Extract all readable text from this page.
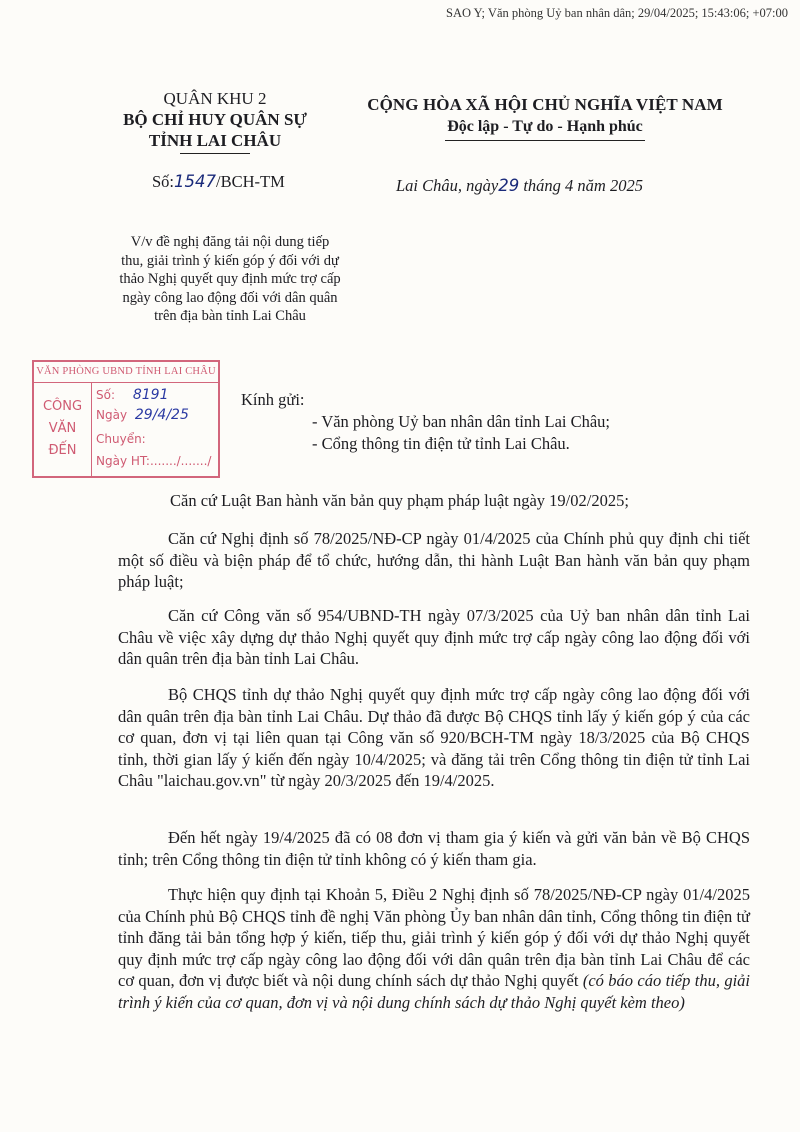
SAO Y; Văn phòng Uỷ ban nhân dân; 29/04/2025; 15:43:06; +07:00
QUÂN KHU 2
BỘ CHỈ HUY QUÂN SỰ
TỈNH LAI CHÂU
CỘNG HÒA XÃ HỘI CHỦ NGHĨA VIỆT NAM
Độc lập - Tự do - Hạnh phúc
Số:1547/BCH-TM	Lai Châu, ngày29 tháng 4 năm 2025
V/v đề nghị đăng tải nội dung tiếp thu, giải trình ý kiến góp ý đối với dự thảo Nghị quyết quy định mức trợ cấp ngày công lao động đối với dân quân trên địa bàn tỉnh Lai Châu
VĂN PHÒNG UBND TỈNH LAI CHÂU
CÔNG
VĂN
ĐẾN
Số: 8191
Ngày 29/4/25
Chuyển:
Ngày HT:......./......./
Kính gửi:
- Văn phòng Uỷ ban nhân dân tỉnh Lai Châu;
- Cổng thông tin điện tử tỉnh Lai Châu.
Căn cứ Luật Ban hành văn bản quy phạm pháp luật ngày 19/02/2025;
Căn cứ Nghị định số 78/2025/NĐ-CP ngày 01/4/2025 của Chính phủ quy định chi tiết một số điều và biện pháp để tổ chức, hướng dẫn, thi hành Luật Ban hành văn bản quy phạm pháp luật;
Căn cứ Công văn số 954/UBND-TH ngày 07/3/2025 của Uỷ ban nhân dân tỉnh Lai Châu về việc xây dựng dự thảo Nghị quyết quy định mức trợ cấp ngày công lao động đối với dân quân trên địa bàn tỉnh Lai Châu.
Bộ CHQS tỉnh dự thảo Nghị quyết quy định mức trợ cấp ngày công lao động đối với dân quân trên địa bàn tỉnh Lai Châu. Dự thảo đã được Bộ CHQS tỉnh lấy ý kiến góp ý của các cơ quan, đơn vị tại liên quan tại Công văn số 920/BCH-TM ngày 18/3/2025 của Bộ CHQS tỉnh, thời gian lấy ý kiến đến ngày 10/4/2025; và đăng tải trên Cổng thông tin điện tử tỉnh Lai Châu "laichau.gov.vn" từ ngày 20/3/2025 đến 19/4/2025.
Đến hết ngày 19/4/2025 đã có 08 đơn vị tham gia ý kiến và gửi văn bản về Bộ CHQS tỉnh; trên Cổng thông tin điện tử tỉnh không có ý kiến tham gia.
Thực hiện quy định tại Khoản 5, Điều 2 Nghị định số 78/2025/NĐ-CP ngày 01/4/2025 của Chính phủ Bộ CHQS tỉnh đề nghị Văn phòng Ủy ban nhân dân tỉnh, Cổng thông tin điện tử tỉnh đăng tải bản tổng hợp ý kiến, tiếp thu, giải trình ý kiến góp ý đối với dự thảo Nghị quyết quy định mức trợ cấp ngày công lao động đối với dân quân trên địa bàn tỉnh Lai Châu để các cơ quan, đơn vị được biết và nội dung chính sách dự thảo Nghị quyết (có báo cáo tiếp thu, giải trình ý kiến của cơ quan, đơn vị và nội dung chính sách dự thảo Nghị quyết kèm theo)
